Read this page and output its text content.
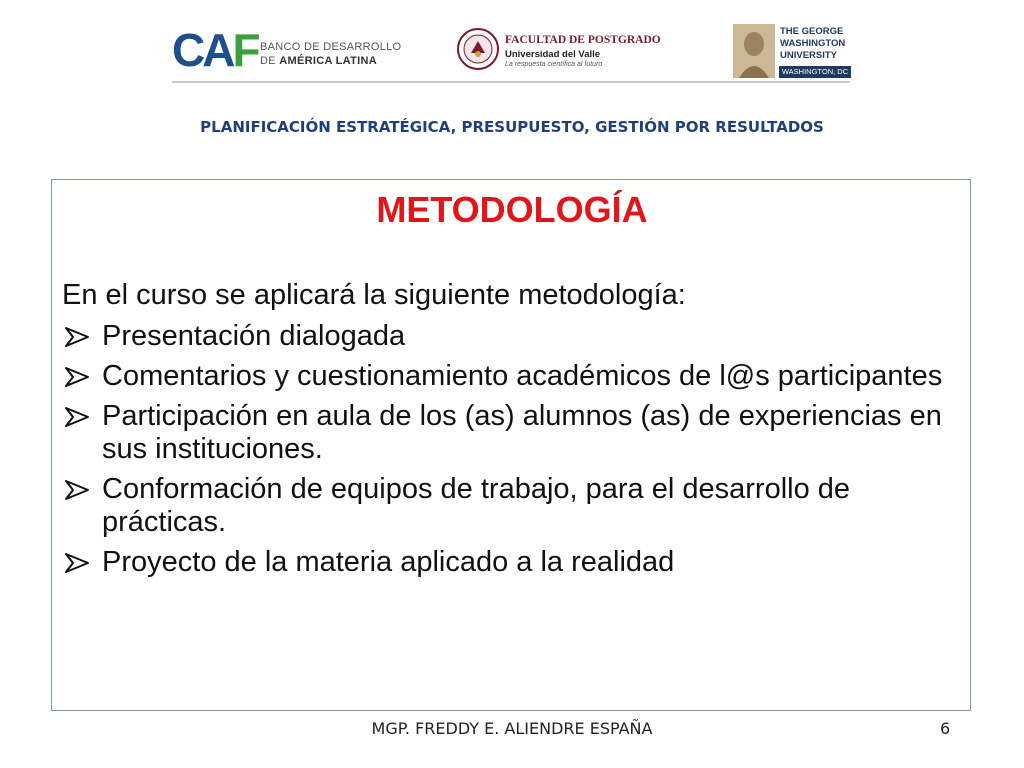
CAF BANCO DE DESARROLLO
DE AMÉRICA LATINA
FACULTAD DE POSTGRADO
Universidad del Valle
La respuesta científica al futuro
THE GEORGE
WASHINGTON
UNIVERSITY
WASHINGTON, DC
PLANIFICACIÓN ESTRATÉGICA, PRESUPUESTO, GESTIÓN POR RESULTADOS
METODOLOGÍA
En el curso se aplicará la siguiente metodología:
Presentación dialogada
Comentarios y cuestionamiento académicos de l@s participantes
Participación en aula de los (as) alumnos (as) de experiencias en sus instituciones.
Conformación de equipos de trabajo, para el desarrollo de prácticas.
Proyecto de la materia aplicado a la realidad
MGP. FREDDY E. ALIENDRE ESPAÑA	6
